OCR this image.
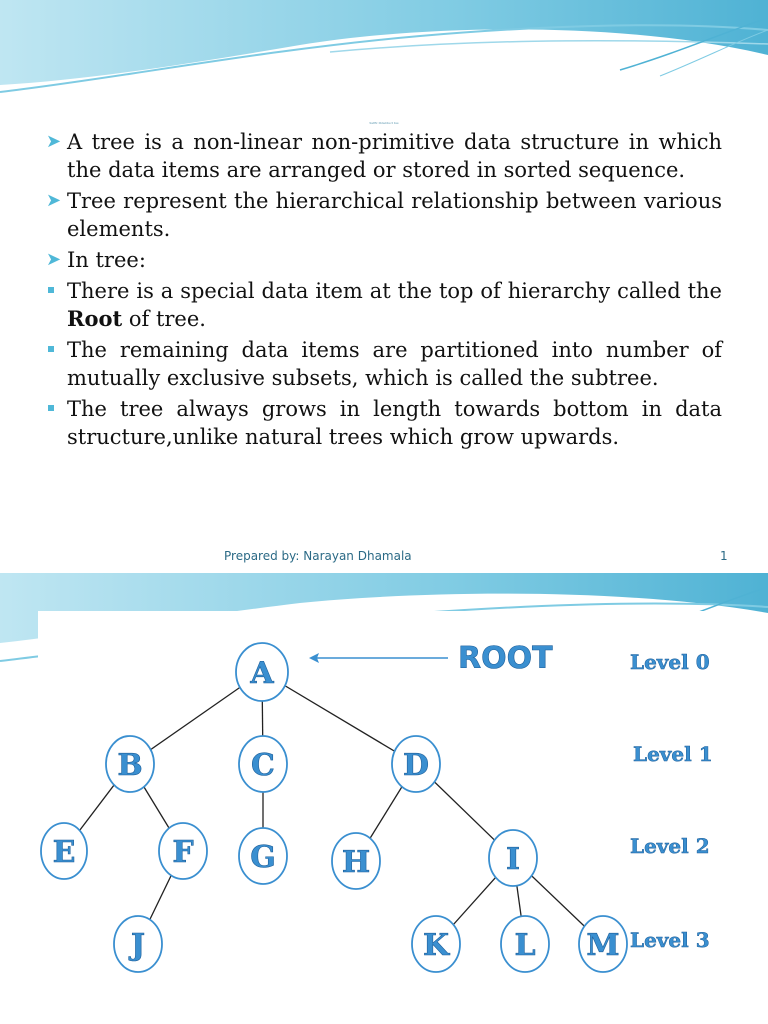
Ss8N Ibrarduct Ius
➤ A tree is a non-linear non-primitive data structure in which the data items are arranged or stored in sorted sequence.
➤ Tree represent the hierarchical relationship between various elements.
➤ In tree:
There is a special data item at the top of hierarchy called the Root of tree.
The remaining data items are partitioned into number of mutually exclusive subsets, which is called the subtree.
The tree always grows in length towards bottom in data structure,unlike natural trees which grow upwards.
Prepared by: Narayan Dhamala	1
ROOT	Level 0
Level 1
Level 2
Level 3
A
B	C	D
E	F G H	I
J	K L M
